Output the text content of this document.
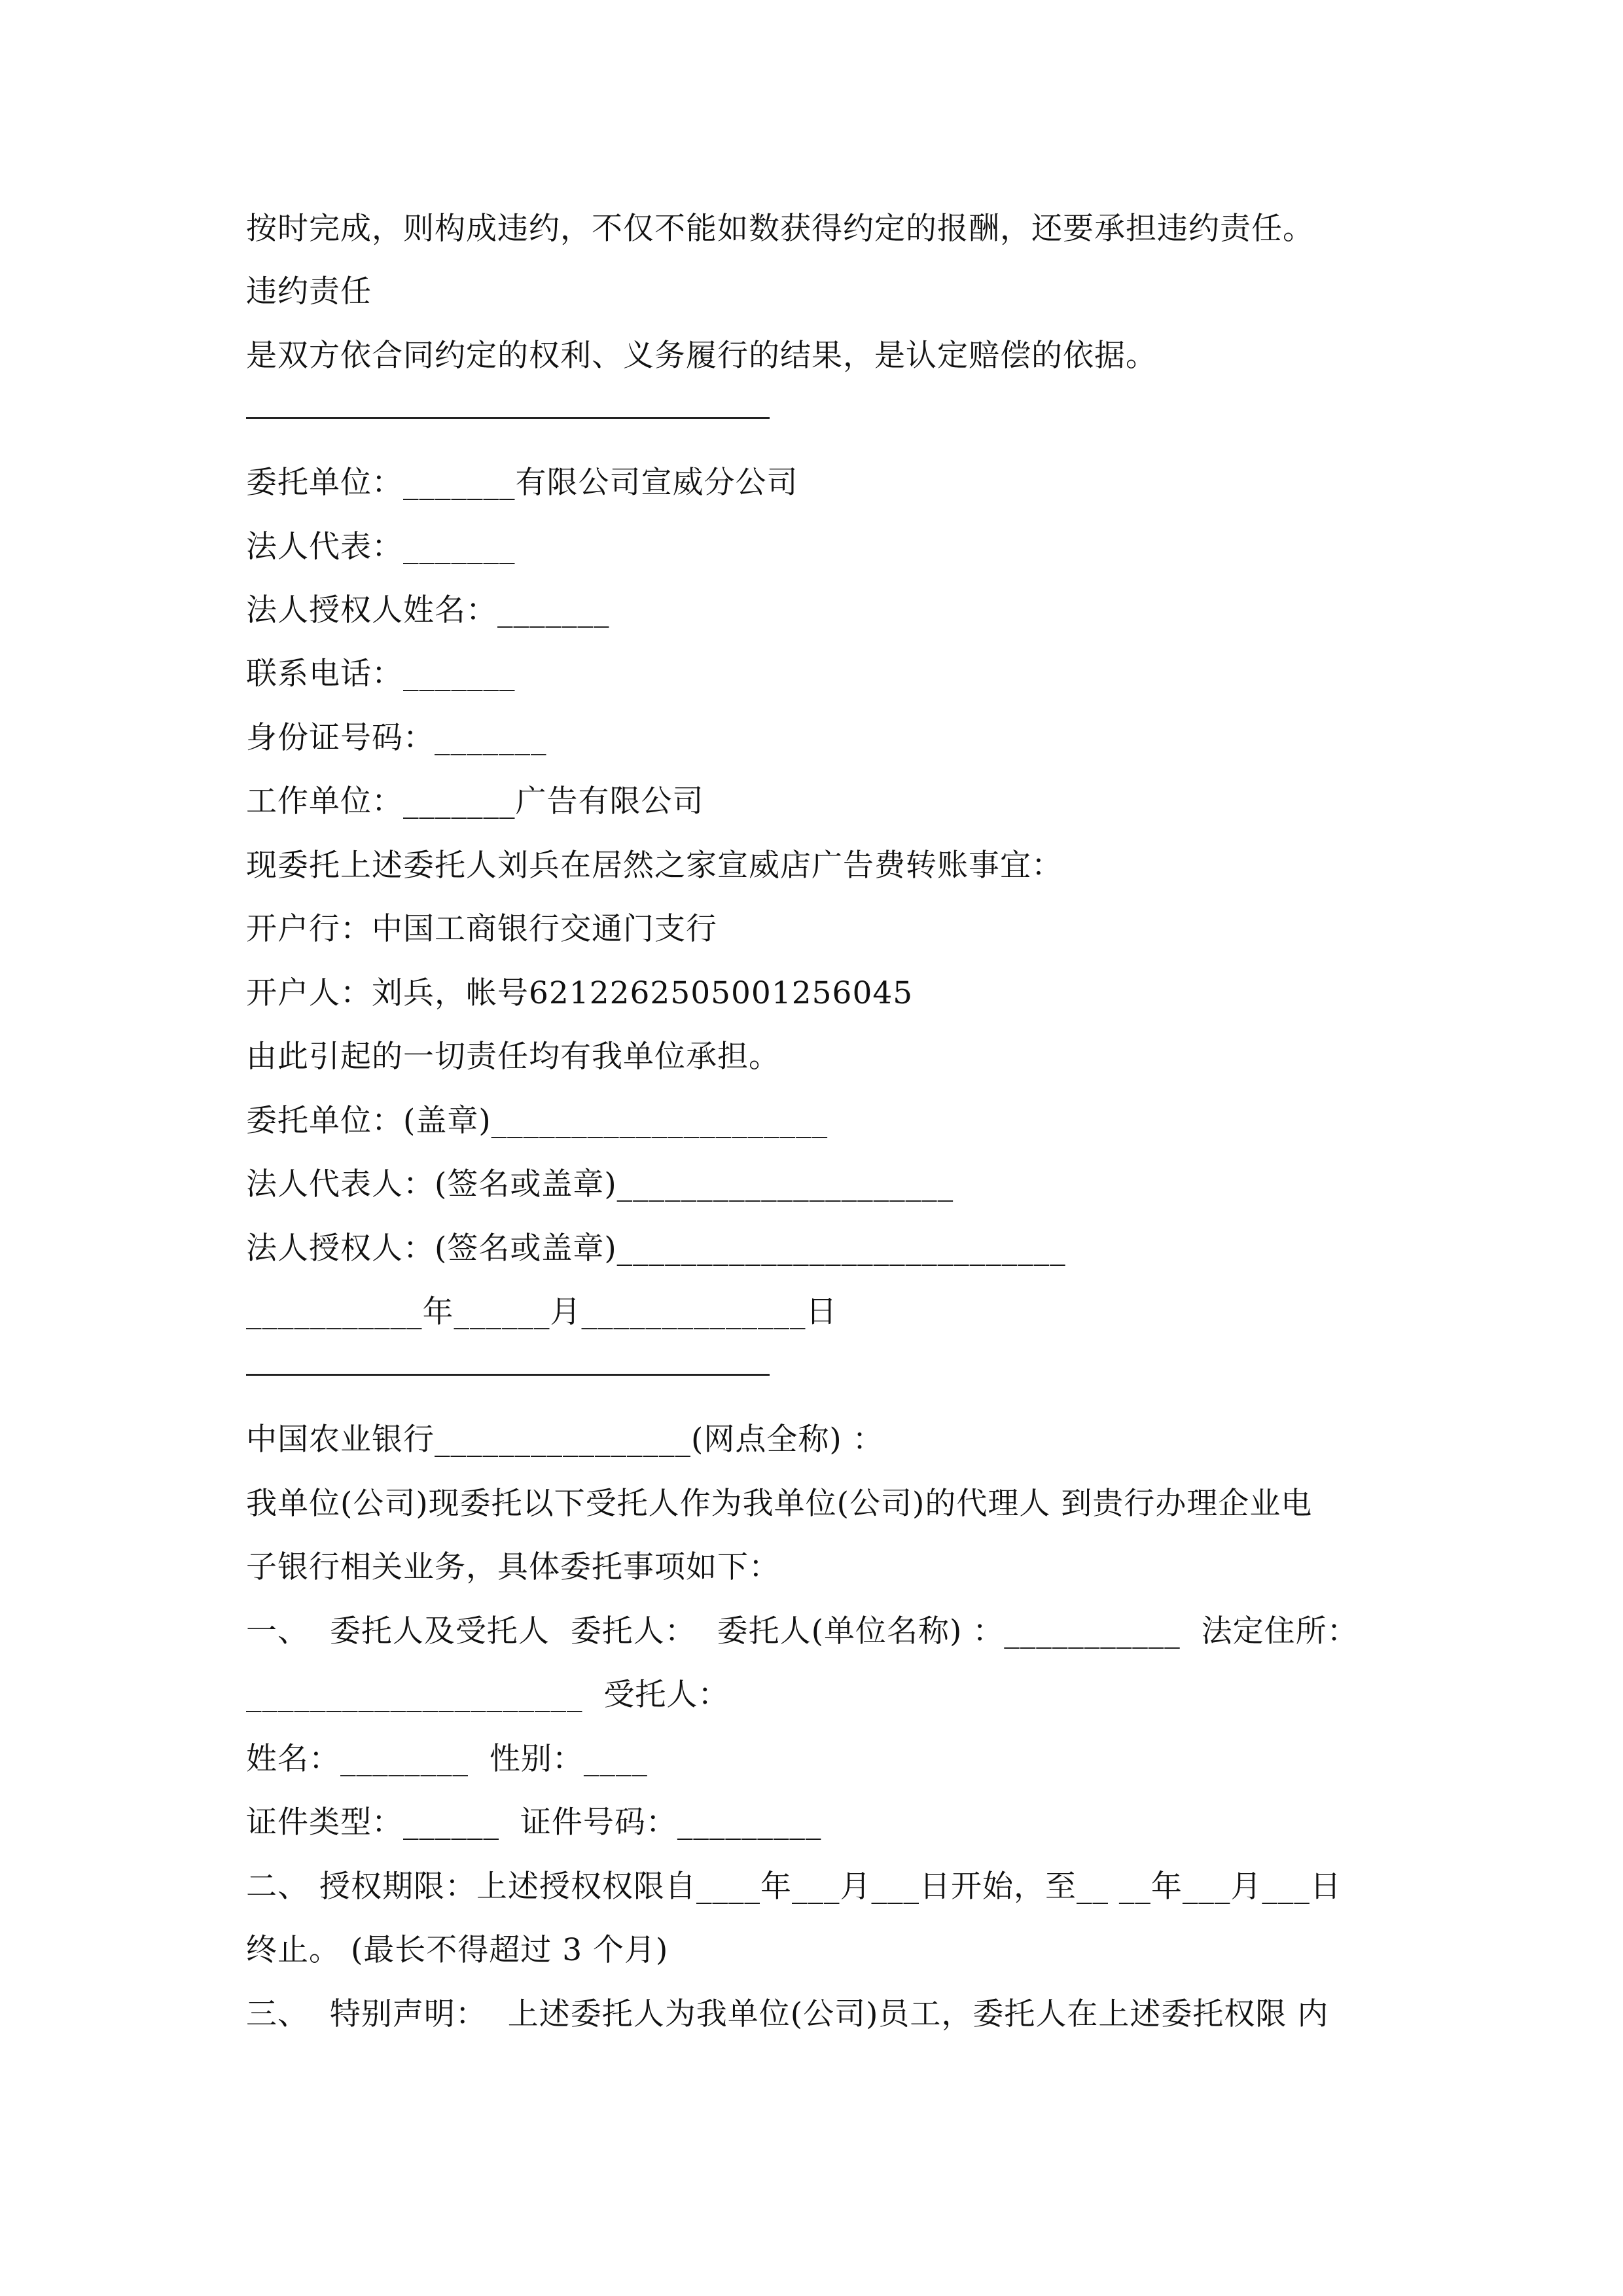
按时完成，则构成违约，不仅不能如数获得约定的报酬，还要承担违约责任。
违约责任
是双方依合同约定的权利、义务履行的结果，是认定赔偿的依据。
委托单位：_______有限公司宣威分公司
法人代表：_______
法人授权人姓名：_______
联系电话：_______
身份证号码：_______
工作单位：_______广告有限公司
现委托上述委托人刘兵在居然之家宣威店广告费转账事宜：
开户行：中国工商银行交通门支行
开户人：刘兵，帐号6212262505001256045
由此引起的一切责任均有我单位承担。
委托单位：(盖章)_____________________
法人代表人：(签名或盖章)_____________________
法人授权人：(签名或盖章)____________________________
___________年______月______________日
中国农业银行________________(网点全称) ：
我单位(公司)现委托以下受托人作为我单位(公司)的代理人 到贵行办理企业电
子银行相关业务，具体委托事项如下：
一、  委托人及受托人  委托人：  委托人(单位名称) ：___________  法定住所：
_____________________  受托人：
姓名：________  性别：____
证件类型：______  证件号码：_________
二、 授权期限：上述授权权限自____年___月___日开始，至__ __年___月___日
终止。 (最长不得超过 3 个月)
三、  特别声明：  上述委托人为我单位(公司)员工，委托人在上述委托权限 内
